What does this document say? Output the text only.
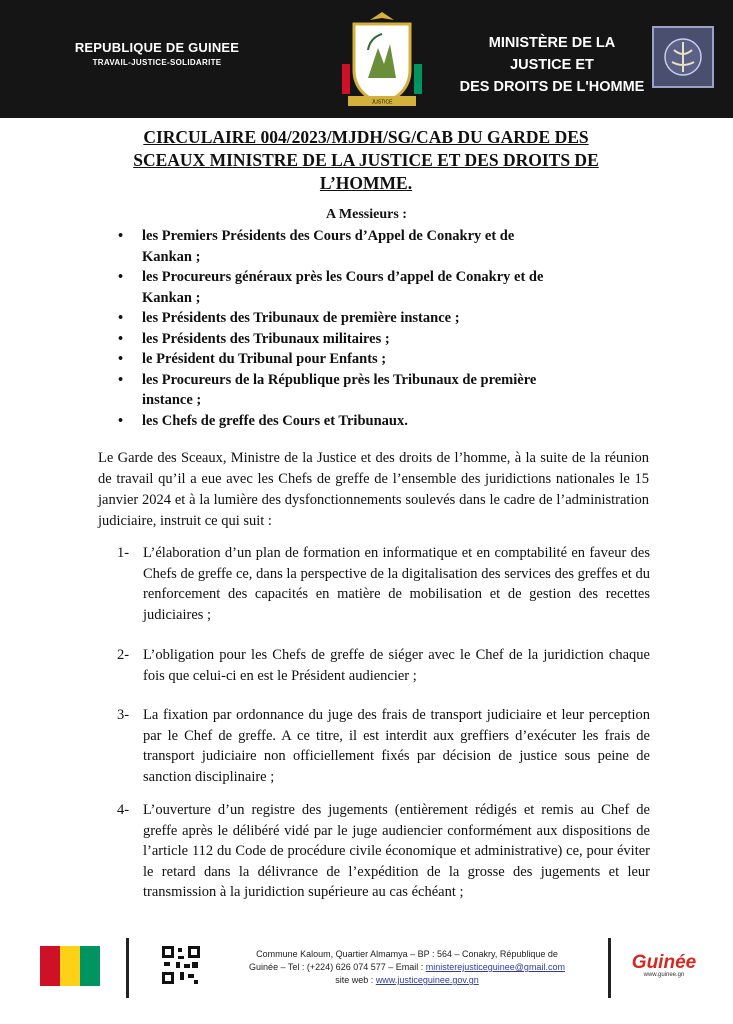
REPUBLIQUE DE GUINEE
TRAVAIL-JUSTICE-SOLIDARITE
JUSTICE
MINISTÈRE DE LA JUSTICE ET
DES DROITS DE L'HOMME
CIRCULAIRE 004/2023/MJDH/SG/CAB DU GARDE DES
SCEAUX MINISTRE DE LA JUSTICE ET DES DROITS DE
L’HOMME.
A Messieurs :
• les Premiers Présidents des Cours d’Appel de Conakry et de
Kankan ;
• les Procureurs généraux près les Cours d’appel de Conakry et de
Kankan ;
• les Présidents des Tribunaux de première instance ;
• les Présidents des Tribunaux militaires ;
• le Président du Tribunal pour Enfants ;
• les Procureurs de la République près les Tribunaux de première
instance ;
• les Chefs de greffe des Cours et Tribunaux.
Le Garde des Sceaux, Ministre de la Justice et des droits de l’homme, à la suite de la réunion de travail qu’il a eue avec les Chefs de greffe de l’ensemble des juridictions nationales le 15 janvier 2024 et à la lumière des dysfonctionnements soulevés dans le cadre de l’administration judiciaire, instruit ce qui suit :
1- L’élaboration d’un plan de formation en informatique et en comptabilité en faveur des Chefs de greffe ce, dans la perspective de la digitalisation des services des greffes et du renforcement des capacités en matière de mobilisation et de gestion des recettes judiciaires ;
2- L’obligation pour les Chefs de greffe de siéger avec le Chef de la juridiction chaque fois que celui-ci en est le Président audiencier ;
3- La fixation par ordonnance du juge des frais de transport judiciaire et leur perception par le Chef de greffe. A ce titre, il est interdit aux greffiers d’exécuter les frais de transport judiciaire non officiellement fixés par décision de justice sous peine de sanction disciplinaire ;
4- L’ouverture d’un registre des jugements (entièrement rédigés et remis au Chef de greffe après le délibéré vidé par le juge audiencier conformément aux dispositions de l’article 112 du Code de procédure civile économique et administrative) ce, pour éviter le retard dans la délivrance de l’expédition de la grosse des jugements et leur transmission à la juridiction supérieure au cas échéant ;
Commune Kaloum, Quartier Almamya – BP : 564 – Conakry, République de
Guinée – Tel : (+224) 626 074 577 – Email : ministerejusticeguinee@gmail.com
site web : www.justiceguinee.gov.gn
Guinée
www.guinee.gn
